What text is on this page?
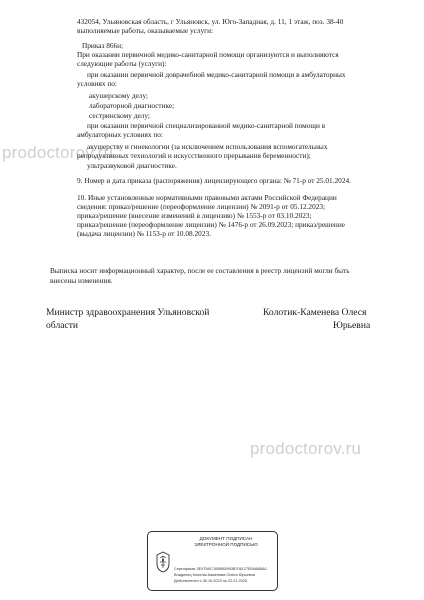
prodoctorov.ru
prodoctorov.ru
432054, Ульяновская область, г Ульяновск, ул. Юго-Западная, д. 11, 1 этаж, поз. 38-40
выполняемые работы, оказываемые услуги:
Приказ 866н;
При оказании первичной медико-санитарной помощи организуются и выполняются
следующие работы (услуги):
при оказании первичной доврачебной медико-санитарной помощи в амбулаторных
условиях по:
акушерскому делу;
лабораторной диагностике;
сестринскому делу;
при оказании первичной специализированной медико-санитарной помощи в
амбулаторных условиях по:
акушерству и гинекологии (за исключением использования вспомогательных
репродуктивных технологий и искусственного прерывания беременности);
ультразвуковой диагностике.
9. Номер и дата приказа (распоряжения) лицензирующего органа: № 71-р от 25.01.2024.
10. Иные установленные нормативными правовыми актами Российской Федерации
сведения: приказ/решение (переоформление лицензии) № 2091-р от 05.12.2023;
приказ/решение (внесение изменений в лицензию) № 1553-р от 03.10.2023;
приказ/решение (переоформление лицензии) № 1476-р от 26.09.2023; приказ/решение
(выдача лицензии) № 1153-р от 10.08.2023.
Выписка носит информационный характер, после ее составления в реестр лицензий могли быть
внесены изменения.
Министр здравоохранения Ульяновской
области
Колотик-Каменева Олеся
Юрьевна
ДОКУМЕНТ ПОДПИСАН
ЭЛЕКТРОННОЙ ПОДПИСЬЮ
Сертификат 3E475817455883993B706127B39A8BA0
Владелец Колотик-Каменева Олеся Юрьевна
Действителен с 30.10.2023 по 22.01.2025
